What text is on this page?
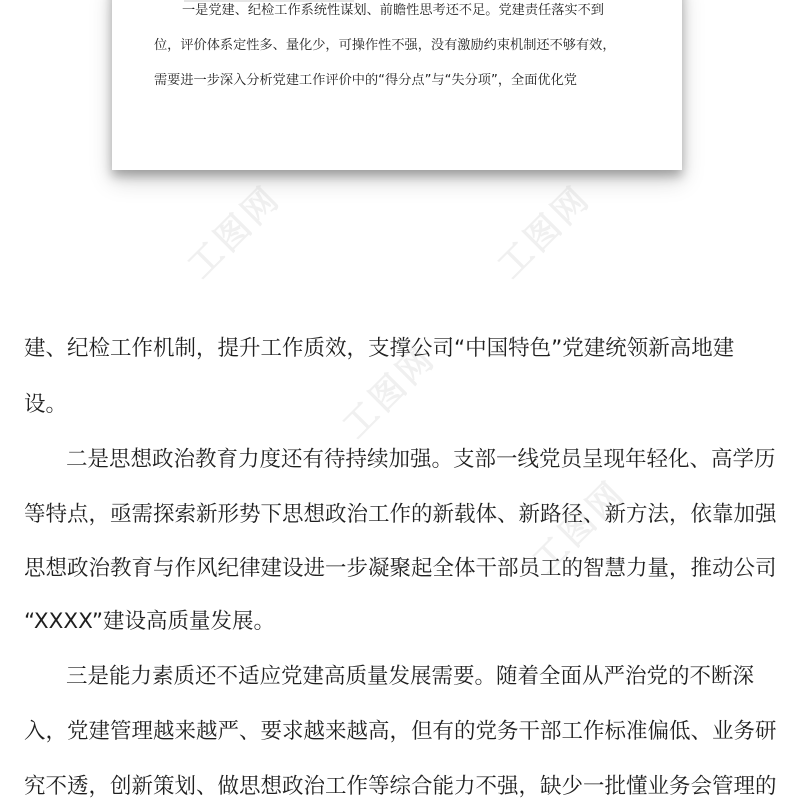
一是党建、纪检工作系统性谋划、前瞻性思考还不足。党建责任落实不到
位，评价体系定性多、量化少，可操作性不强，没有激励约束机制还不够有效，
需要进一步深入分析党建工作评价中的“得分点”与“失分项”，全面优化党
工图网	工图网
工图网
工图网
建、纪检工作机制，提升工作质效，支撑公司“中国特色”党建统领新高地建
设。
二是思想政治教育力度还有待持续加强。支部一线党员呈现年轻化、高学历
等特点，亟需探索新形势下思想政治工作的新载体、新路径、新方法，依靠加强
思想政治教育与作风纪律建设进一步凝聚起全体干部员工的智慧力量，推动公司
“XXXX”建设高质量发展。
三是能力素质还不适应党建高质量发展需要。随着全面从严治党的不断深
入，党建管理越来越严、要求越来越高，但有的党务干部工作标准偏低、业务研
究不透，创新策划、做思想政治工作等综合能力不强，缺少一批懂业务会管理的
